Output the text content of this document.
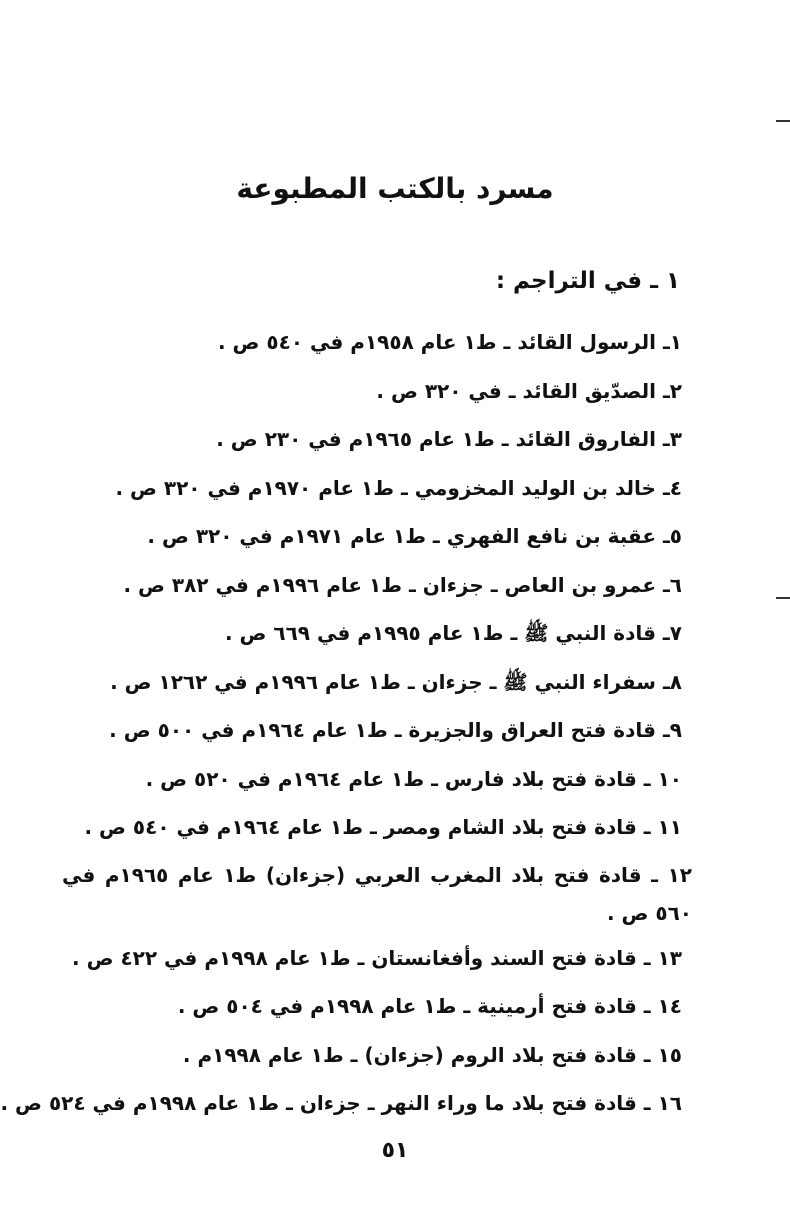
مسرد بالكتب المطبوعة
١ ـ في التراجم :
١ـ الرسول القائد ـ ط١ عام ١٩٥٨م في ٥٤٠ ص .
٢ـ الصدّيق القائد ـ في ٣٢٠ ص .
٣ـ الفاروق القائد ـ ط١ عام ١٩٦٥م في ٢٣٠ ص .
٤ـ خالد بن الوليد المخزومي ـ ط١ عام ١٩٧٠م في ٣٢٠ ص .
٥ـ عقبة بن نافع الفهري ـ ط١ عام ١٩٧١م في ٣٢٠ ص .
٦ـ عمرو بن العاص ـ جزءان ـ ط١ عام ١٩٩٦م في ٣٨٢ ص .
٧ـ قادة النبي ﷺ ـ ط١ عام ١٩٩٥م في ٦٦٩ ص .
٨ـ سفراء النبي ﷺ ـ جزءان ـ ط١ عام ١٩٩٦م في ١٢٦٢ ص .
٩ـ قادة فتح العراق والجزيرة ـ ط١ عام ١٩٦٤م في ٥٠٠ ص .
١٠ ـ قادة فتح بلاد فارس ـ ط١ عام ١٩٦٤م في ٥٢٠ ص .
١١ ـ قادة فتح بلاد الشام ومصر ـ ط١ عام ١٩٦٤م في ٥٤٠ ص .
١٢ ـ قادة فتح بلاد المغرب العربي (جزءان) ط١ عام ١٩٦٥م في ٥٦٠ ص .
١٣ ـ قادة فتح السند وأفغانستان ـ ط١ عام ١٩٩٨م في ٤٢٢ ص .
١٤ ـ قادة فتح أرمينية ـ ط١ عام ١٩٩٨م في ٥٠٤ ص .
١٥ ـ قادة فتح بلاد الروم (جزءان) ـ ط١ عام ١٩٩٨م .
١٦ ـ قادة فتح بلاد ما وراء النهر ـ جزءان ـ ط١ عام ١٩٩٨م في ٥٢٤ ص .
٥١
